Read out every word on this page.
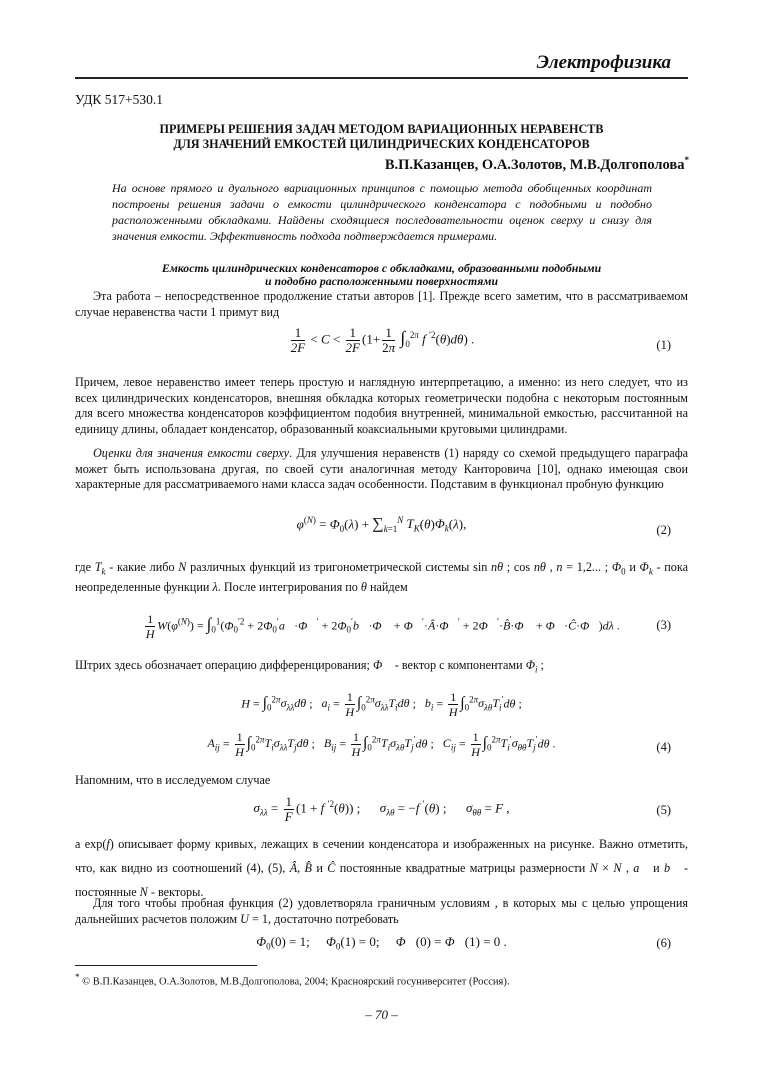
Электрофизика
УДК 517+530.1
ПРИМЕРЫ РЕШЕНИЯ ЗАДАЧ МЕТОДОМ ВАРИАЦИОННЫХ НЕРАВЕНСТВ
ДЛЯ ЗНАЧЕНИЙ ЕМКОСТЕЙ ЦИЛИНДРИЧЕСКИХ КОНДЕНСАТОРОВ
В.П.Казанцев, О.А.Золотов, М.В.Долгополова*
На основе прямого и дуального вариационных принципов с помощью метода обобщенных координат построены решения задачи о емкости цилиндрического конденсатора с подобными и подобно расположенными обкладками. Найдены сходящиеся последовательности оценок сверху и снизу для значения емкости. Эффективность подхода подтверждается примерами.
Емкость цилиндрических конденсаторов с обкладками, образованными подобными
и подобно расположенными поверхностями
Эта работа – непосредственное продолжение статьи авторов [1]. Прежде всего заметим, что в рассматриваемом случае неравенства части 1 примут вид
$\frac{1}{2F} < C < \frac{1}{2F} (1+ \frac{1}{2\pi} \int_0^{2\pi}$ f $^{'2}$(θ)dθ) .	(1)
Причем, левое неравенство имеет теперь простую и наглядную интерпретацию, а именно: из него следует, что из всех цилиндрических конденсаторов, внешняя обкладка которых геометрически подобна с некоторым постоянным для всего множества конденсаторов коэффициентом подобия внутренней, минимальной емкостью, рассчитанной на единицу длины, обладает конденсатор, образованный коаксиальными круговыми цилиндрами.
Оценки для значения емкости сверху. Для улучшения неравенств (1) наряду со схемой предыдущего параграфа может быть использована другая, по своей сути аналогичная методу Канторовича [10], однако имеющая свои характерные для рассматриваемого нами класса задач особенности. Подставим в функционал пробную функцию
$\varphi^{(N)} = \Phi_0(\lambda) + \sum_{k=1}^N$ $T_K(\theta)\Phi_k(\lambda)$,	(2)
где $T_k$ - какие либо N различных функций из тригонометрической системы sin nθ ; cos nθ , n = 1,2... ; $\Phi_0$ и $\Phi_k$ - пока неопределенные функции λ. После интегрирования по θ найдем
$\frac{1}{H} W(\varphi^{(N)}) = \int_0^1(\Phi_0^{'2}$ + $2\Phi_0'a⃗\cdot\Phi⃗'$ + $2\Phi_0'b⃗\cdot\Phi⃗$ + Φ⃗′·Â·Φ⃗′ + 2Φ⃗′·B̂·Φ⃗ + Φ⃗·Ĉ·Φ⃗)dλ .	(3)
Штрих здесь обозначает операцию дифференцирования; Φ⃗ - вектор с компонентами $\Phi_i$ ;
$H = \int_0^{2\pi}\sigma_{\lambda\lambda}d\theta$ ;   $a_i = \frac{1}{H} \int_0^{2\pi}\sigma_{\lambda\lambda}T_id\theta$ ;   $b_i = \frac{1}{H} \int_0^{2\pi}\sigma_{\lambda\theta}T_i'd\theta$ ;
$A_{ij} = \frac{1}{H} \int_0^{2\pi}T_i\sigma_{\lambda\lambda}T_jd\theta$ ;   $B_{ij} = \frac{1}{H} \int_0^{2\pi}T_i\sigma_{\lambda\theta}T_j'd\theta$ ;   $C_{ij} = \frac{1}{H} \int_0^{2\pi}T_i'\sigma_{\theta\theta}T_j'd\theta$ .	(4)
Напомним, что в исследуемом случае
$\sigma_{\lambda\lambda} = \frac{1}{F} (1 + f$ $^{'2}$(θ)) ;      $\sigma_{\lambda\theta} = -f$ ′(θ) ;      $\sigma_{\theta\theta} = F$ ,	(5)
а exp(f) описывает форму кривых, лежащих в сечении конденсатора и изображенных на рисунке. Важно отметить, что, как видно из соотношений (4), (5), Â, B̂ и Ĉ постоянные квадратные матрицы размерности N × N , a⃗ и b⃗ - постоянные N - векторы.
Для того чтобы пробная функция (2) удовлетворяла граничным условиям , в которых мы с целью упрощения дальнейших расчетов положим U = 1, достаточно потребовать
$\Phi_0(0) = 1$;     $\Phi_0(1) = 0$;     Φ⃗(0) = Φ⃗(1) = 0 .	(6)
* © В.П.Казанцев, О.А.Золотов, М.В.Долгополова, 2004; Красноярский госуниверситет (Россия).
– 70 –
